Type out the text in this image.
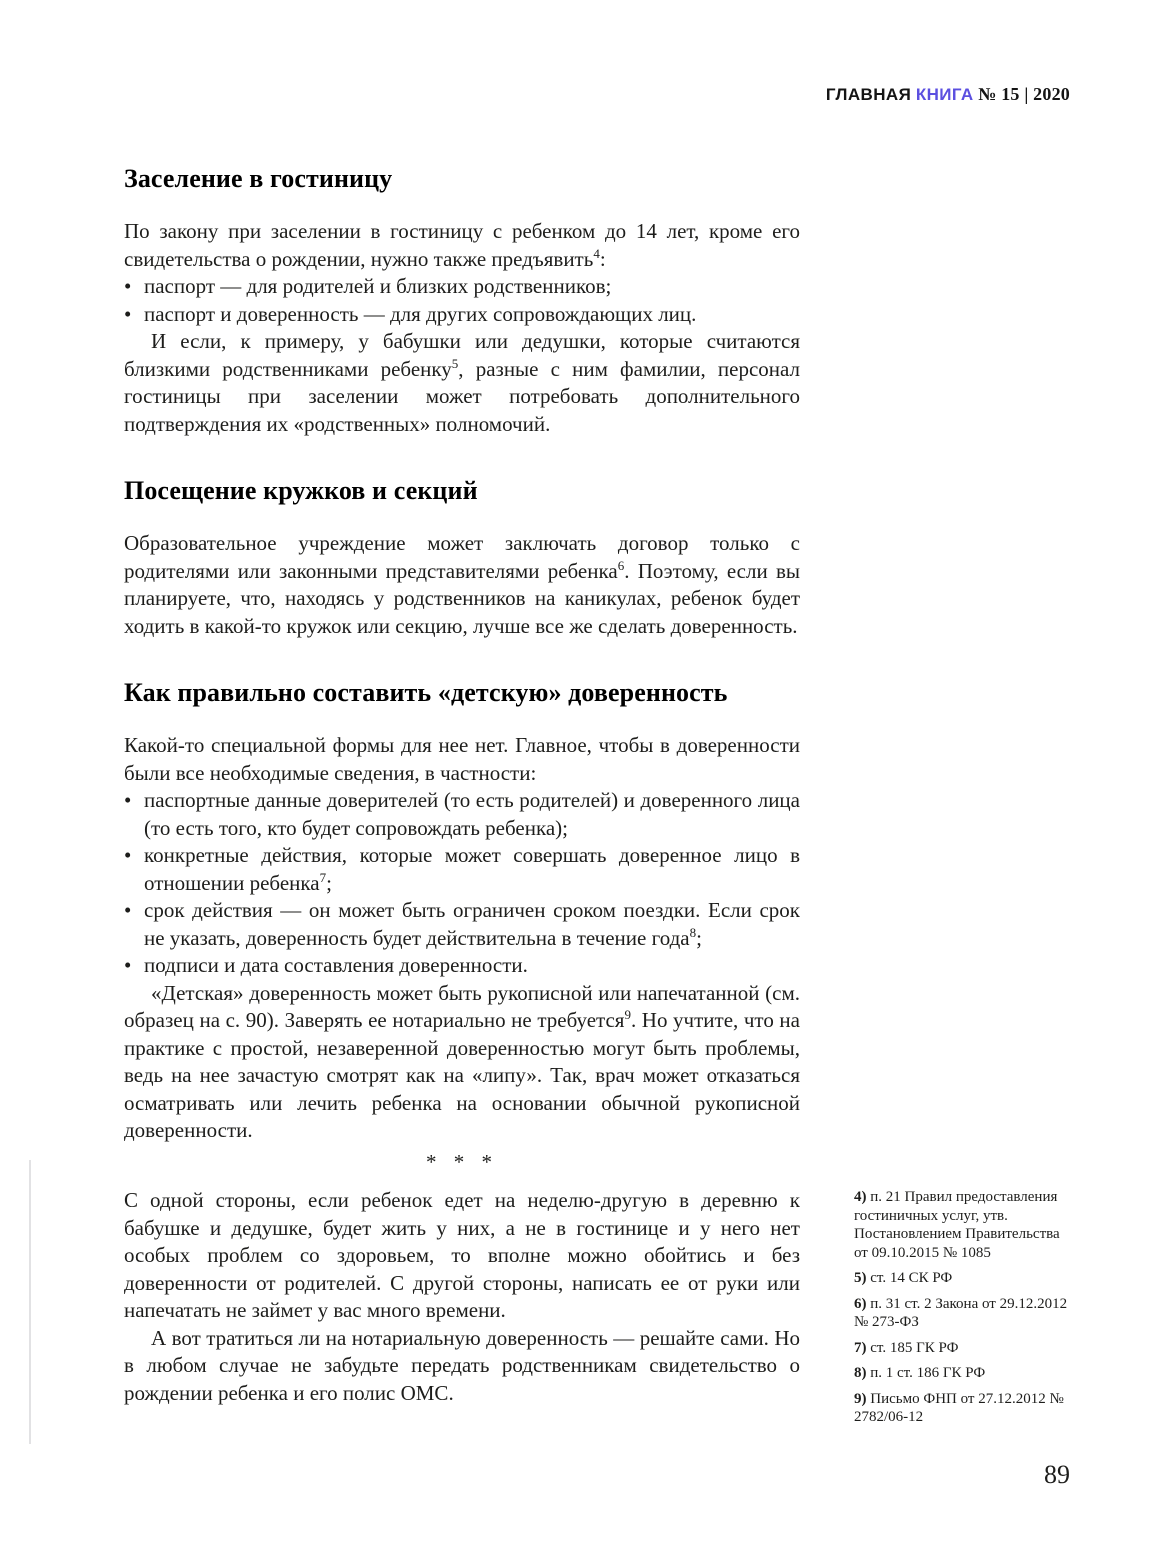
ГЛАВНАЯ КНИГА № 15 | 2020
Заселение в гостиницу

По закону при заселении в гостиницу с ребенком до 14 лет, кроме его свидетельства о рождении, нужно также предъявить$^4$:

• паспорт — для родителей и близких родственников;
• паспорт и доверенность — для других сопровождающих лиц.

И если, к примеру, у бабушки или дедушки, которые считаются близкими родственниками ребенку$^5$, разные с ним фамилии, персонал гостиницы при заселении может потребовать дополнительного подтверждения их «родственных» полномочий.

Посещение кружков и секций

Образовательное учреждение может заключать договор только с родителями или законными представителями ребенка$^6$. Поэтому, если вы планируете, что, находясь у родственников на каникулах, ребенок будет ходить в какой-то кружок или секцию, лучше все же сделать доверенность.

Как правильно составить «детскую» доверенность

Какой-то специальной формы для нее нет. Главное, чтобы в доверенности были все необходимые сведения, в частности:

• паспортные данные доверителей (то есть родителей) и доверенного лица (то есть того, кто будет сопровождать ребенка);
• конкретные действия, которые может совершать доверенное лицо в отношении ребенка$^7$;
• срок действия — он может быть ограничен сроком поездки. Если срок не указать, доверенность будет действительна в течение года$^8$;
• подписи и дата составления доверенности.

«Детская» доверенность может быть рукописной или напечатанной (см. образец на с. 90). Заверять ее нотариально не требуется$^9$. Но учтите, что на практике с простой, незаверенной доверенностью могут быть проблемы, ведь на нее зачастую смотрят как на «липу». Так, врач может отказаться осматривать или лечить ребенка на основании обычной рукописной доверенности.

* * *

С одной стороны, если ребенок едет на неделю-другую в деревню к бабушке и дедушке, будет жить у них, а не в гостинице и у него нет особых проблем со здоровьем, то вполне можно обойтись и без доверенности от родителей. С другой стороны, написать ее от руки или напечатать не займет у вас много времени.

А вот тратиться ли на нотариальную доверенность — решайте сами. Но в любом случае не забудьте передать родственникам свидетельство о рождении ребенка и его полис ОМС.

4) п. 21 Правил предоставления гостиничных услуг, утв. Постановлением Правительства от 09.10.2015 № 1085
5) ст. 14 СК РФ
6) п. 31 ст. 2 Закона от 29.12.2012 № 273-ФЗ
7) ст. 185 ГК РФ
8) п. 1 ст. 186 ГК РФ
9) Письмо ФНП от 27.12.2012 № 2782/06-12
89
